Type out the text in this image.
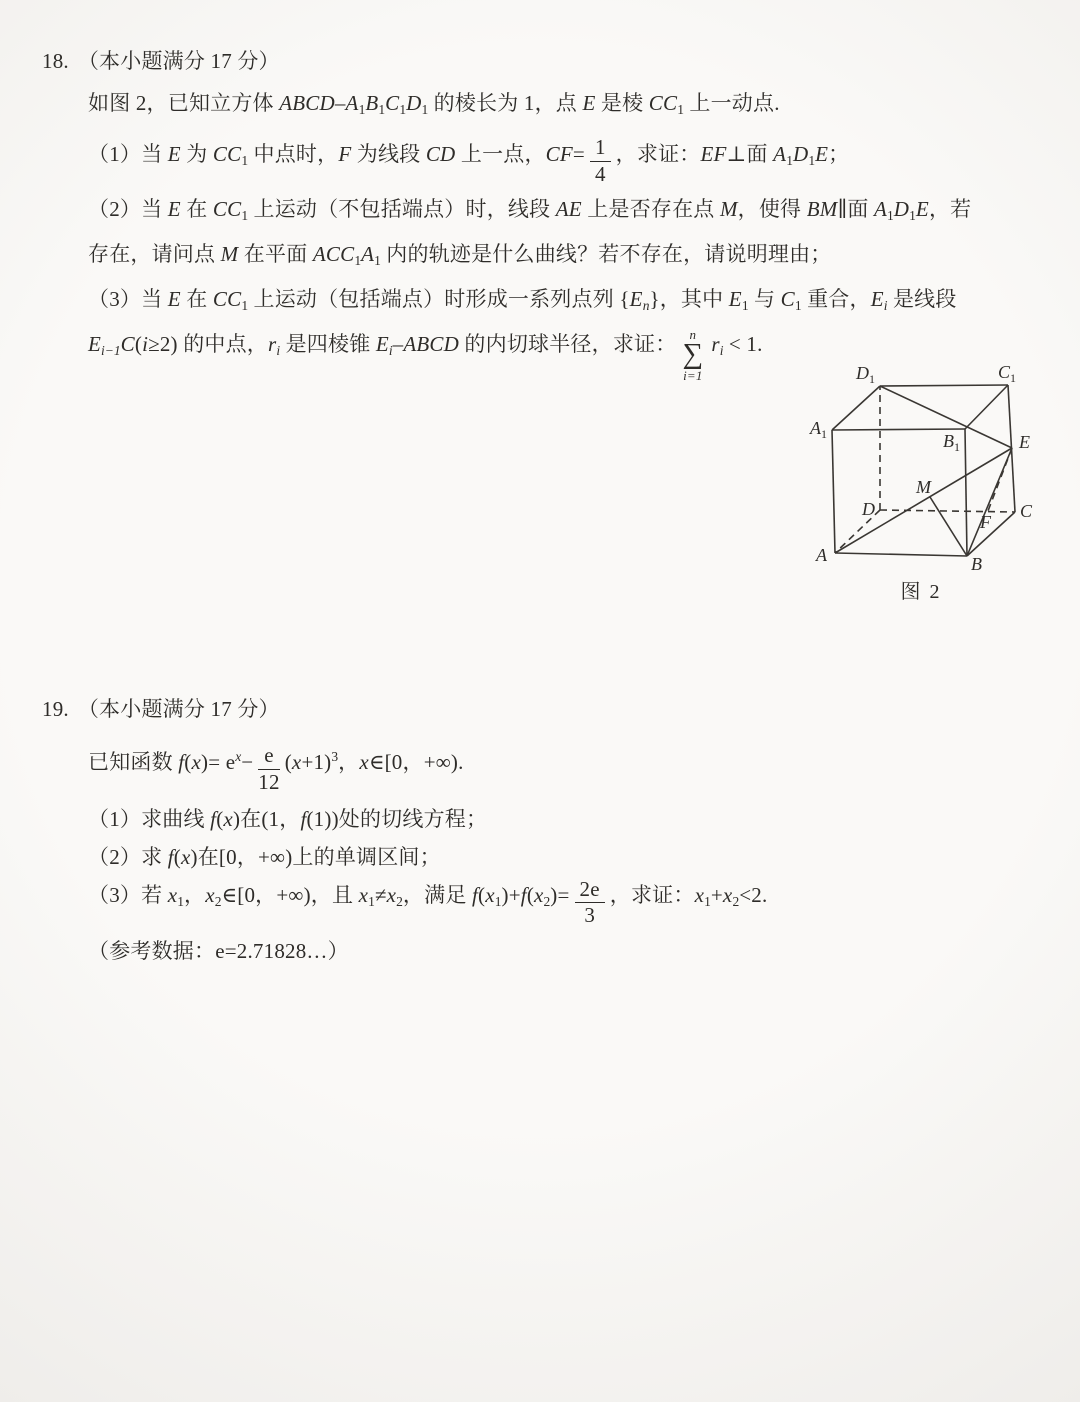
18. （本小题满分 17 分）

如图 2，已知立方体 ABCD–A1B1C1D1 的棱长为 1，点 E 是棱 CC1 上一动点.

（1）当 E 为 CC1 中点时，F 为线段 CD 上一点，$CF= \frac{1}{4}$ ，求证：EF⊥面 A1D1E；

（2）当 E 在 CC1 上运动（不包括端点）时，线段 AE 上是否存在点 M，使得 BM∥面 A1D1E，若

存在，请问点 M 在平面 ACC1A1 内的轨迹是什么曲线？若不存在，请说明理由；

（3）当 E 在 CC1 上运动（包括端点）时形成一系列点列 {En}，其中 E1 与 C1 重合，Ei 是线段

Ei−1C(i≥2) 的中点，ri 是四棱锥 Ei–ABCD 的内切球半径，求证：	n
∑
i=1
ri < 1.

$D_1$	$C_1$
$A_1$	$B_1$	E
M
D
F
C
A	B
图 2

19. （本小题满分 17 分）

已知函数 $f(x)= e^x- \frac{e}{12} (x+1)^3$，x∈[0，+∞).

（1）求曲线 f(x)在(1，f(1))处的切线方程；

（2）求 f(x)在[0，+∞)上的单调区间；

（3）若 x1，x2∈[0，+∞)，且 x1≠x2，满足 $f(x1)+f(x2)= \frac{2e}{3}$ ，求证：x1+x2<2.

（参考数据：e=2.71828…）
